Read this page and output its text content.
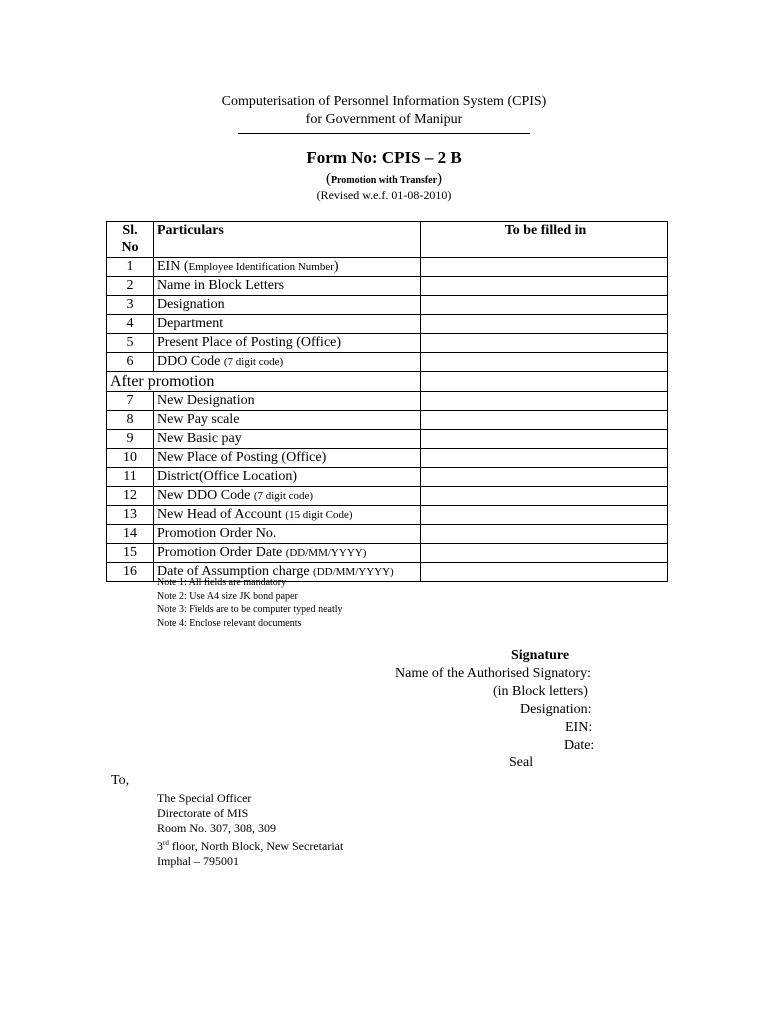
Computerisation of Personnel Information System (CPIS)
for Government of Manipur
Form No: CPIS – 2 B
(Promotion with Transfer)
(Revised w.e.f. 01-08-2010)
Sl.
No	Particulars	To be filled in
1	EIN (Employee Identification Number)	
2	Name in Block Letters	
3	Designation	
4	Department	
5	Present Place of Posting (Office)	
6	DDO Code (7 digit code)	
After promotion		
7	New Designation	
8	New Pay scale	
9	New Basic pay	
10	New Place of Posting (Office)	
11	District(Office Location)	
12	New DDO Code (7 digit code)	
13	New Head of Account (15 digit Code)	
14	Promotion Order No.	
15	Promotion Order Date (DD/MM/YYYY)	
16	Date of Assumption charge (DD/MM/YYYY)	
Note 1: All fields are mandatory
Note 2: Use A4 size JK bond paper
Note 3: Fields are to be computer typed neatly
Note 4: Enclose relevant documents
Signature
Name of the Authorised Signatory:
(in Block letters)
Designation:
EIN:
Date:
Seal
To,
The Special Officer
Directorate of MIS
Room No. 307, 308, 309
3rd floor, North Block, New Secretariat
Imphal – 795001
